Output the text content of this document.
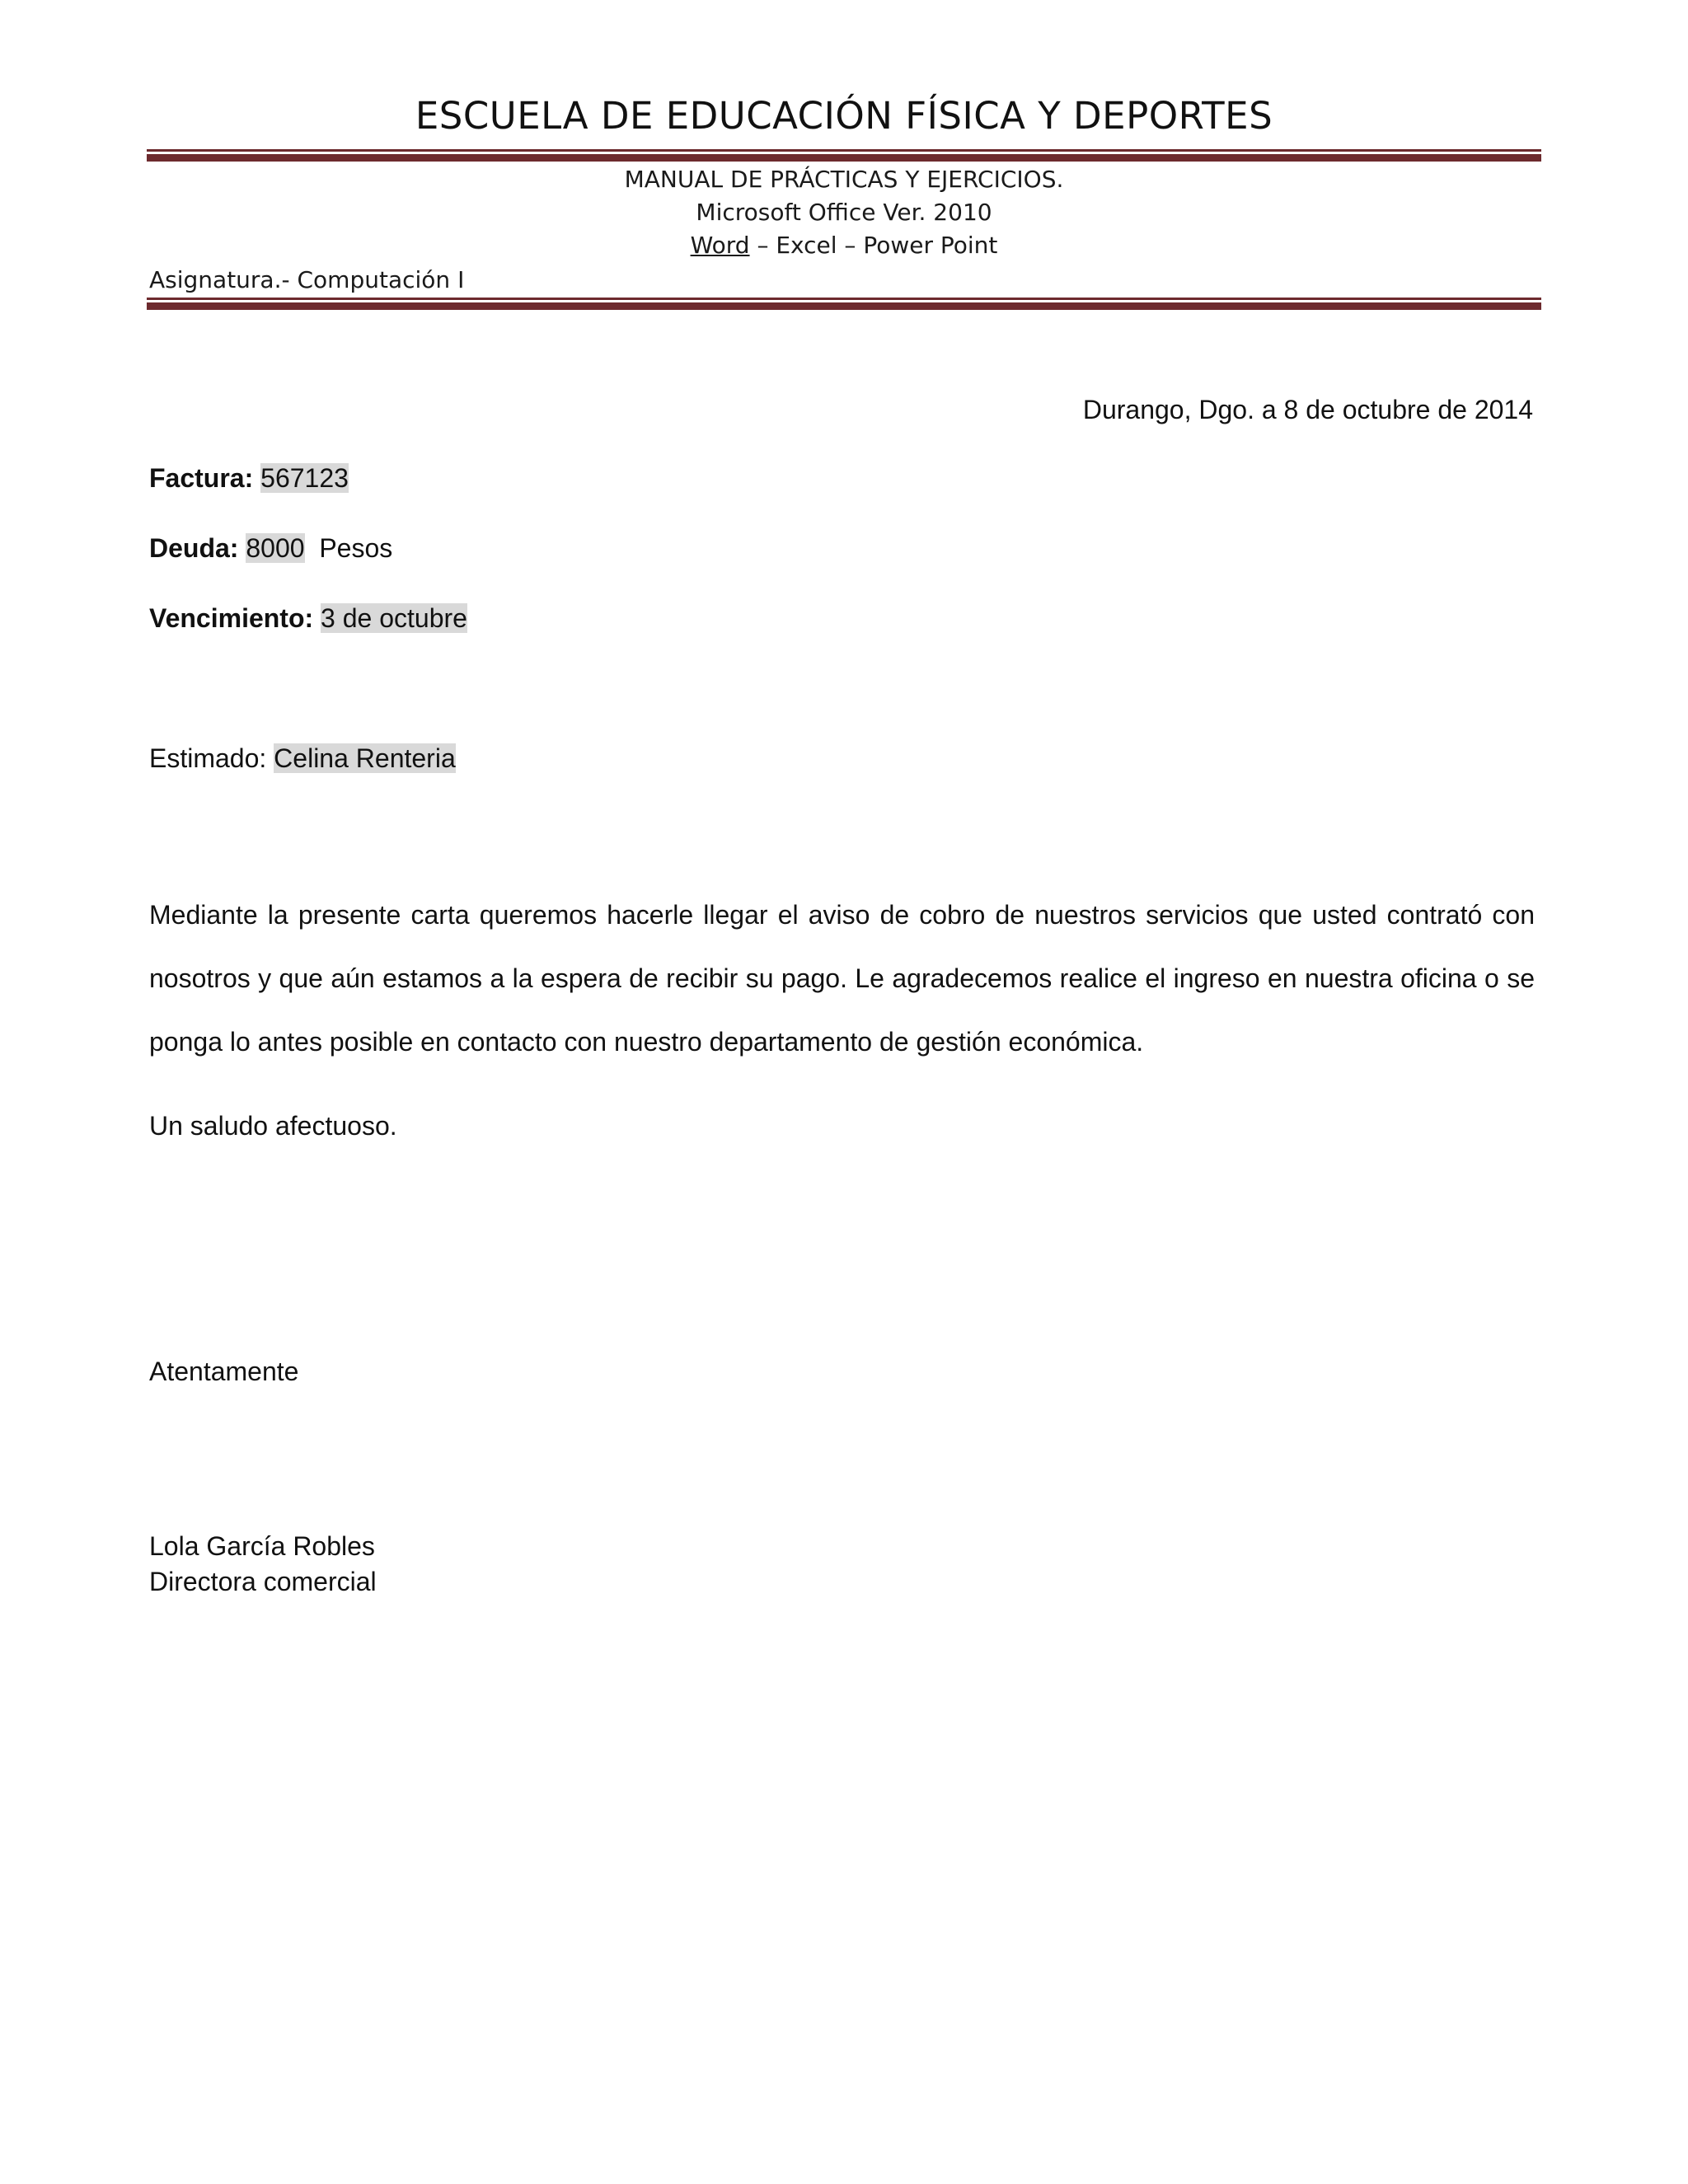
ESCUELA DE EDUCACIÓN FÍSICA Y DEPORTES
MANUAL DE PRÁCTICAS Y EJERCICIOS.
Microsoft Office Ver. 2010
Word – Excel – Power Point
Asignatura.- Computación I
Durango, Dgo. a 8 de octubre de 2014
Factura: 567123
Deuda: 8000 Pesos
Vencimiento: 3 de octubre
Estimado: Celina Renteria
Mediante la presente carta queremos hacerle llegar el aviso de cobro de nuestros servicios que usted contrató con nosotros y que aún estamos a la espera de recibir su pago. Le agradecemos realice el ingreso en nuestra oficina o se ponga lo antes posible en contacto con nuestro departamento de gestión económica.
Un saludo afectuoso.
Atentamente
Lola García Robles
Directora comercial
